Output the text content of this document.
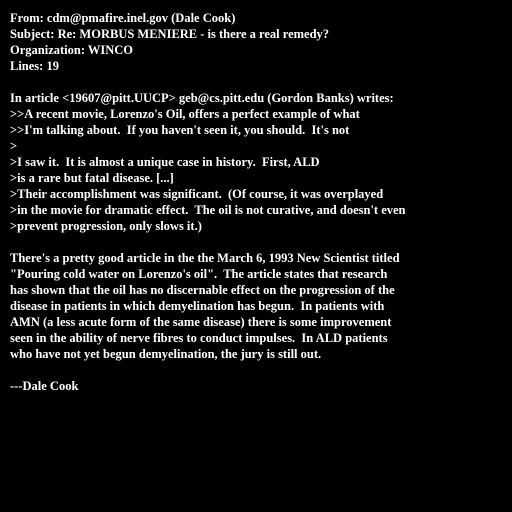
From: cdm@pmafire.inel.gov (Dale Cook)
Subject: Re: MORBUS MENIERE - is there a real remedy?
Organization: WINCO
Lines: 19
In article <19607@pitt.UUCP> geb@cs.pitt.edu (Gordon Banks) writes:
>>A recent movie, Lorenzo's Oil, offers a perfect example of what
>>I'm talking about.  If you haven't seen it, you should.  It's not
>
>I saw it.  It is almost a unique case in history.  First, ALD
>is a rare but fatal disease. [...]
>Their accomplishment was significant.  (Of course, it was overplayed
>in the movie for dramatic effect.  The oil is not curative, and doesn't even
>prevent progression, only slows it.)
There's a pretty good article in the the March 6, 1993 New Scientist titled
"Pouring cold water on Lorenzo's oil".  The article states that research
has shown that the oil has no discernable effect on the progression of the
disease in patients in which demyelination has begun.  In patients with
AMN (a less acute form of the same disease) there is some improvement
seen in the ability of nerve fibres to conduct impulses.  In ALD patients
who have not yet begun demyelination, the jury is still out.
---Dale Cook
